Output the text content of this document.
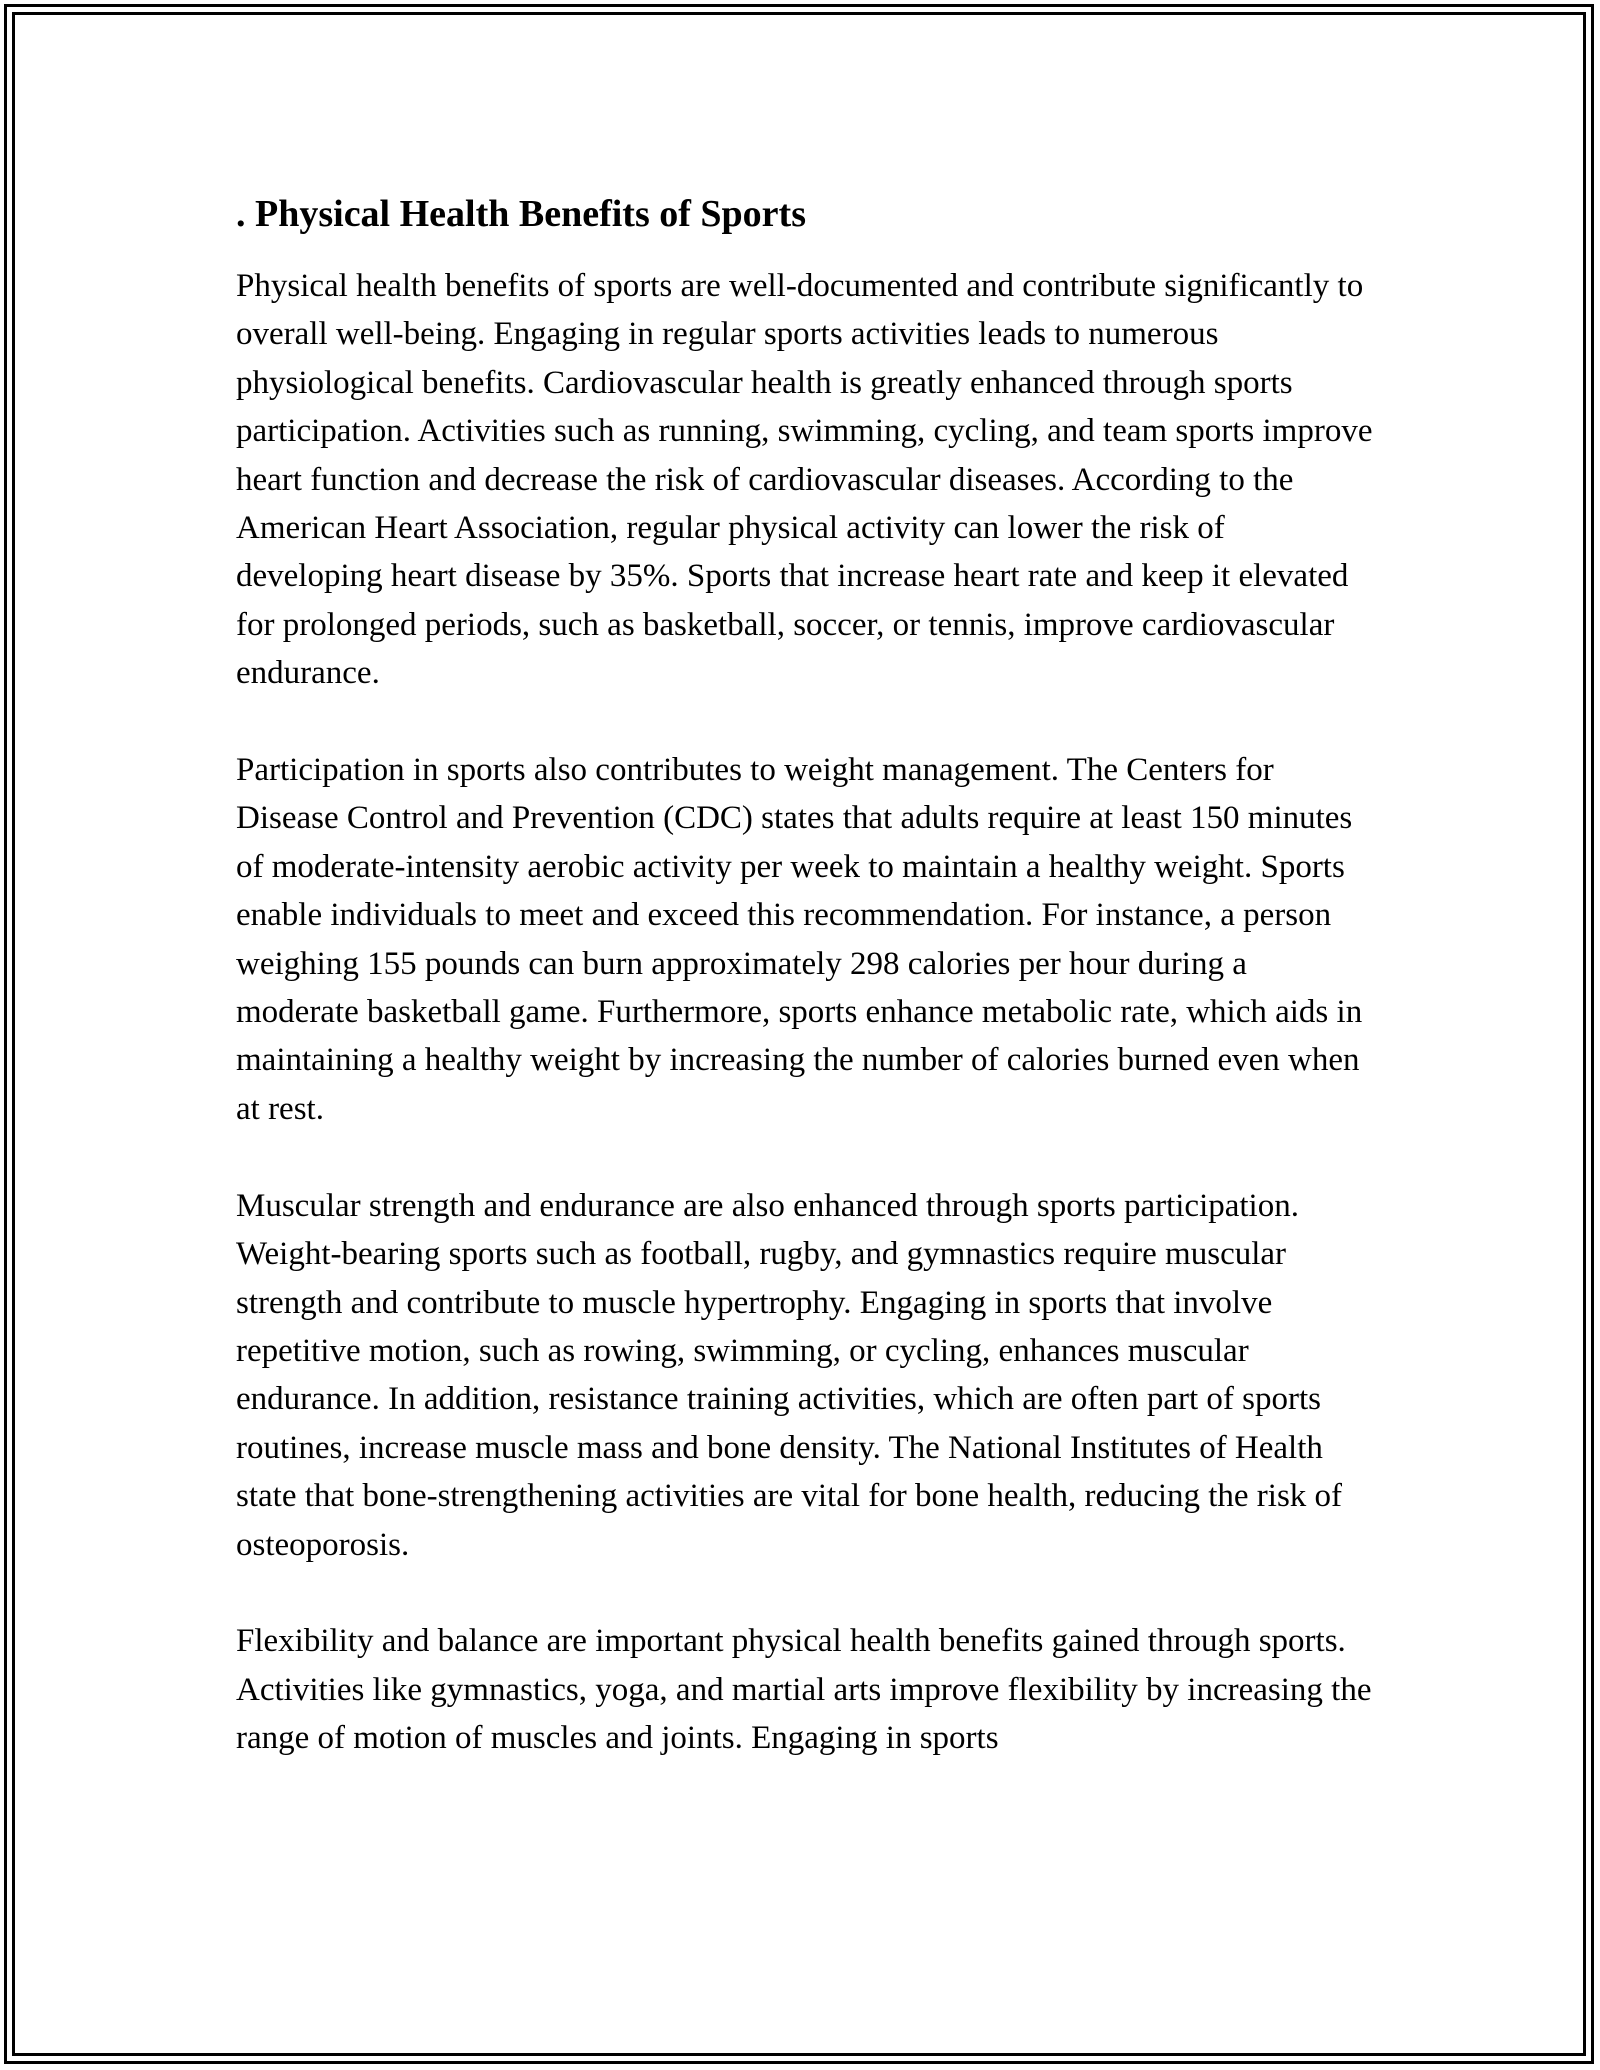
. Physical Health Benefits of Sports

Physical health benefits of sports are well-documented and contribute significantly to overall well-being. Engaging in regular sports activities leads to numerous physiological benefits. Cardiovascular health is greatly enhanced through sports participation. Activities such as running, swimming, cycling, and team sports improve heart function and decrease the risk of cardiovascular diseases. According to the American Heart Association, regular physical activity can lower the risk of developing heart disease by 35%. Sports that increase heart rate and keep it elevated for prolonged periods, such as basketball, soccer, or tennis, improve cardiovascular endurance.

Participation in sports also contributes to weight management. The Centers for Disease Control and Prevention (CDC) states that adults require at least 150 minutes of moderate-intensity aerobic activity per week to maintain a healthy weight. Sports enable individuals to meet and exceed this recommendation. For instance, a person weighing 155 pounds can burn approximately 298 calories per hour during a moderate basketball game. Furthermore, sports enhance metabolic rate, which aids in maintaining a healthy weight by increasing the number of calories burned even when at rest.

Muscular strength and endurance are also enhanced through sports participation. Weight-bearing sports such as football, rugby, and gymnastics require muscular strength and contribute to muscle hypertrophy. Engaging in sports that involve repetitive motion, such as rowing, swimming, or cycling, enhances muscular endurance. In addition, resistance training activities, which are often part of sports routines, increase muscle mass and bone density. The National Institutes of Health state that bone-strengthening activities are vital for bone health, reducing the risk of osteoporosis.

Flexibility and balance are important physical health benefits gained through sports. Activities like gymnastics, yoga, and martial arts improve flexibility by increasing the range of motion of muscles and joints. Engaging in sports
